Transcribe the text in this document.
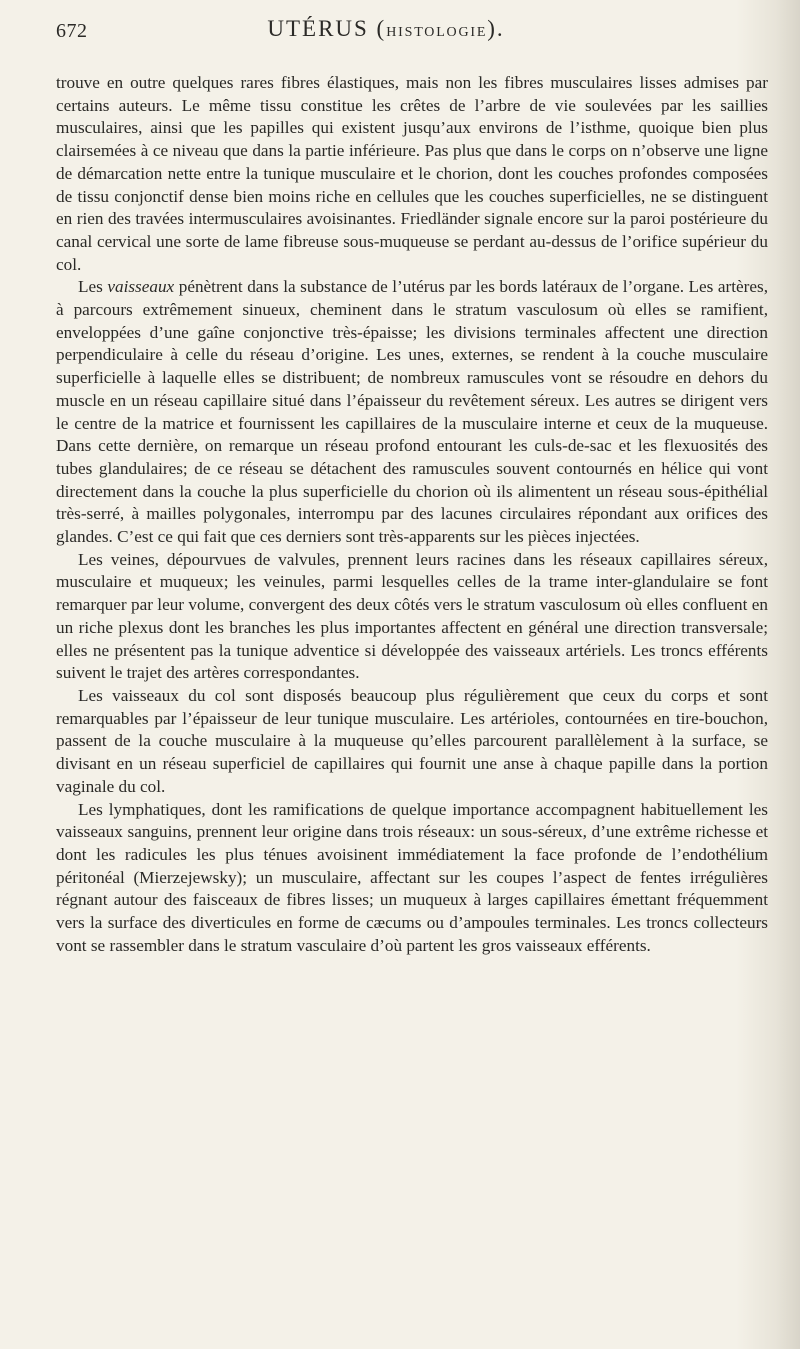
672	UTÉRUS (HISTOLOGIE).

trouve en outre quelques rares fibres élastiques, mais non les fibres musculaires lisses admises par certains auteurs. Le même tissu constitue les crêtes de l’arbre de vie soulevées par les saillies musculaires, ainsi que les papilles qui existent jusqu’aux environs de l’isthme, quoique bien plus clairsemées à ce niveau que dans la partie inférieure. Pas plus que dans le corps on n’observe une ligne de démarcation nette entre la tunique musculaire et le chorion, dont les couches profondes composées de tissu conjonctif dense bien moins riche en cellules que les couches superficielles, ne se distinguent en rien des travées intermusculaires avoisinantes. Friedländer signale encore sur la paroi postérieure du canal cervical une sorte de lame fibreuse sous-muqueuse se perdant au-dessus de l’orifice supérieur du col.

Les vaisseaux pénètrent dans la substance de l’utérus par les bords latéraux de l’organe. Les artères, à parcours extrêmement sinueux, cheminent dans le stratum vasculosum où elles se ramifient, enveloppées d’une gaîne conjonctive très-épaisse; les divisions terminales affectent une direction perpendiculaire à celle du réseau d’origine. Les unes, externes, se rendent à la couche musculaire superficielle à laquelle elles se distribuent; de nombreux ramuscules vont se résoudre en dehors du muscle en un réseau capillaire situé dans l’épaisseur du revêtement séreux. Les autres se dirigent vers le centre de la matrice et fournissent les capillaires de la musculaire interne et ceux de la muqueuse. Dans cette dernière, on remarque un réseau profond entourant les culs-de-sac et les flexuosités des tubes glandulaires; de ce réseau se détachent des ramuscules souvent contournés en hélice qui vont directement dans la couche la plus superficielle du chorion où ils alimentent un réseau sous-épithélial très-serré, à mailles polygonales, interrompu par des lacunes circulaires répondant aux orifices des glandes. C’est ce qui fait que ces derniers sont très-apparents sur les pièces injectées.

Les veines, dépourvues de valvules, prennent leurs racines dans les réseaux capillaires séreux, musculaire et muqueux; les veinules, parmi lesquelles celles de la trame inter-glandulaire se font remarquer par leur volume, convergent des deux côtés vers le stratum vasculosum où elles confluent en un riche plexus dont les branches les plus importantes affectent en général une direction transversale; elles ne présentent pas la tunique adventice si développée des vaisseaux artériels. Les troncs efférents suivent le trajet des artères correspondantes.

Les vaisseaux du col sont disposés beaucoup plus régulièrement que ceux du corps et sont remarquables par l’épaisseur de leur tunique musculaire. Les artérioles, contournées en tire-bouchon, passent de la couche musculaire à la muqueuse qu’elles parcourent parallèlement à la surface, se divisant en un réseau superficiel de capillaires qui fournit une anse à chaque papille dans la portion vaginale du col.

Les lymphatiques, dont les ramifications de quelque importance accompagnent habituellement les vaisseaux sanguins, prennent leur origine dans trois réseaux: un sous-séreux, d’une extrême richesse et dont les radicules les plus ténues avoisinent immédiatement la face profonde de l’endothélium péritonéal (Mierzejewsky); un musculaire, affectant sur les coupes l’aspect de fentes irrégulières régnant autour des faisceaux de fibres lisses; un muqueux à larges capillaires émettant fréquemment vers la surface des diverticules en forme de cæcums ou d’ampoules terminales. Les troncs collecteurs vont se rassembler dans le stratum vasculaire d’où partent les gros vaisseaux efférents.
